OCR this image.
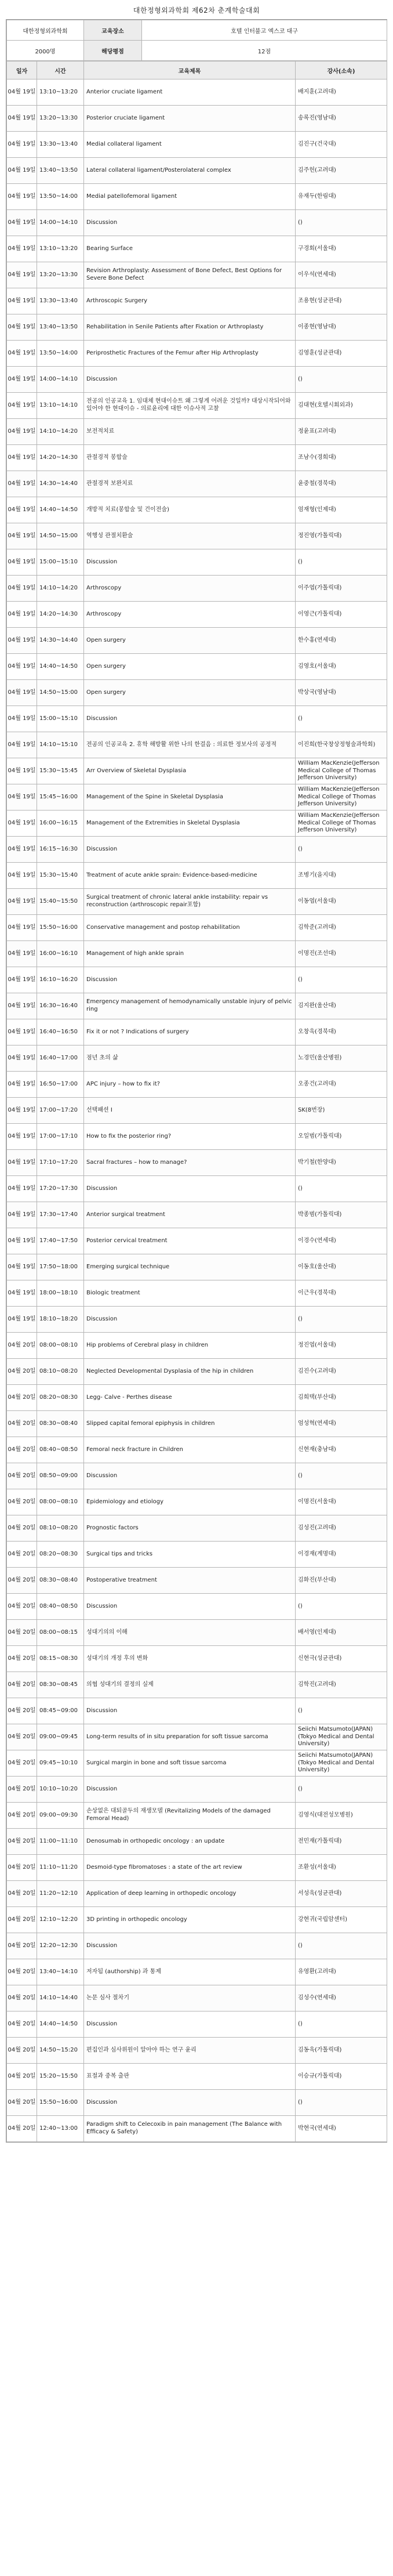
대한정형외과학회 제62차 춘계학술대회
대한정형외과학회	교육장소	호텔 인터불고 엑스코 대구
2000명	해당평점	12점
일자	시간	교육제목	강사(소속)
04월 19일	13:10~13:20	Anterior cruciate ligament	배지훈(고려대)
04월 19일	13:20~13:30	Posterior cruciate ligament	송록진(영남대)
04월 19일	13:30~13:40	Medial collateral ligament	김진구(건국대)
04월 19일	13:40~13:50	Lateral collateral ligament/Posterolateral complex	김주헌(고려대)
04월 19일	13:50~14:00	Medial patellofemoral ligament	유재두(한림대)
04월 19일	14:00~14:10	Discussion	()
04월 19일	13:10~13:20	Bearing Surface	구경회(서울대)
04월 19일	13:20~13:30	Revision Arthroplasty: Assessment of Bone Defect, Best Options for Severe Bone Defect	이우석(연세대)
04월 19일	13:30~13:40	Arthroscopic Surgery	조용현(성균관대)
04월 19일	13:40~13:50	Rehabilitation in Senile Patients after Fixation or Arthroplasty	이종현(영남대)
04월 19일	13:50~14:00	Periprosthetic Fractures of the Femur after Hip Arthroplasty	김영훈(성균관대)
04월 19일	14:00~14:10	Discussion	()
04월 19일	13:10~14:10	전공의 인공교육 1. 임대체 현대이슈트 왜 그렇게 어려운 것일까? 대상시작되어와 있어야 한 현대이슈 - 의료윤리에 대한 이슈사적 고찰	김대현(호텔시회외과)
04월 19일	14:10~14:20	보전적치료	정윤표(고려대)
04월 19일	14:20~14:30	관절경적 봉합술	조남수(경희대)
04월 19일	14:30~14:40	관절경적 보완치료	윤중철(경북대)
04월 19일	14:40~14:50	개방적 치료(봉합술 및 건이전술)	엄재형(인제대)
04월 19일	14:50~15:00	역행성 관절치환술	정진영(가톨릭대)
04월 19일	15:00~15:10	Discussion	()
04월 19일	14:10~14:20	Arthroscopy	이주엽(가톨릭대)
04월 19일	14:20~14:30	Arthroscopy	이영근(가톨릭대)
04월 19일	14:30~14:40	Open surgery	한수홍(연세대)
04월 19일	14:40~14:50	Open surgery	김영호(서울대)
04월 19일	14:50~15:00	Open surgery	박상국(영남대)
04월 19일	15:00~15:10	Discussion	()
04월 19일	14:10~15:10	전공의 인공교육 2. 휴학 해방활 위한 나의 한걸음 : 의료한 정보사의 공정적	이진희(한국창상정형술과학회)
04월 19일	15:30~15:45	Arr Overview of Skeletal Dysplasia	William MacKenzie(Jefferson Medical College of Thomas Jefferson University)
04월 19일	15:45~16:00	Management of the Spine in Skeletal Dysplasia	William MacKenzie(Jefferson Medical College of Thomas Jefferson University)
04월 19일	16:00~16:15	Management of the Extremities in Skeletal Dysplasia	William MacKenzie(Jefferson Medical College of Thomas Jefferson University)
04월 19일	16:15~16:30	Discussion	()
04월 19일	15:30~15:40	Treatment of acute ankle sprain: Evidence-based-medicine	조병기(을지대)
04월 19일	15:40~15:50	Surgical treatment of chronic lateral ankle instability: repair vs reconstruction (arthroscopic repair포함)	이동엽(서울대)
04월 19일	15:50~16:00	Conservative management and postop rehabilitation	김학준(고려대)
04월 19일	16:00~16:10	Management of high ankle sprain	이명진(조선대)
04월 19일	16:10~16:20	Discussion	()
04월 19일	16:30~16:40	Emergency management of hemodynamically unstable injury of pelvic ring	김지완(울산대)
04월 19일	16:40~16:50	Fix it or not ? Indications of surgery	오창욱(경북대)
04월 19일	16:40~17:00	점년 초의 삶	노경민(울산병원)
04월 19일	16:50~17:00	APC injury – how to fix it?	오종건(고려대)
04월 19일	17:00~17:20	선택패션 I	SK(8번장)
04월 19일	17:00~17:10	How to fix the posterior ring?	오일범(가톨릭대)
04월 19일	17:10~17:20	Sacral fractures – how to manage?	박기철(한양대)
04월 19일	17:20~17:30	Discussion	()
04월 19일	17:30~17:40	Anterior surgical treatment	박종범(가톨릭대)
04월 19일	17:40~17:50	Posterior cervical treatment	이경수(연세대)
04월 19일	17:50~18:00	Emerging surgical technique	이동호(울산대)
04월 19일	18:00~18:10	Biologic treatment	이근우(경북대)
04월 19일	18:10~18:20	Discussion	()
04월 20일	08:00~08:10	Hip problems of Cerebral plasy in children	정진엽(서울대)
04월 20일	08:10~08:20	Neglected Developmental Dysplasia of the hip in children	김진수(고려대)
04월 20일	08:20~08:30	Legg- Calve - Perthes disease	김희택(부산대)
04월 20일	08:30~08:40	Slipped capital femoral epiphysis in children	엄성혁(연세대)
04월 20일	08:40~08:50	Femoral neck fracture in Children	신현재(충남대)
04월 20일	08:50~09:00	Discussion	()
04월 20일	08:00~08:10	Epidemiology and etiology	이명진(서울대)
04월 20일	08:10~08:20	Prognostic factors	김성진(고려대)
04월 20일	08:20~08:30	Surgical tips and tricks	이경재(계명대)
04월 20일	08:30~08:40	Postoperative treatment	김화진(부산대)
04월 20일	08:40~08:50	Discussion	()
04월 20일	08:00~08:15	성대기의의 이해	배서영(인제대)
04월 20일	08:15~08:30	성대기의 개정 후의 변화	신현극(성균관대)
04월 20일	08:30~08:45	의협 성대기의 결정의 실제	김학진(고려대)
04월 20일	08:45~09:00	Discussion	()
04월 20일	09:00~09:45	Long-term results of in situ preparation for soft tissue sarcoma	Seiichi Matsumoto(JAPAN)(Tokyo Medical and Dental University)
04월 20일	09:45~10:10	Surgical margin in bone and soft tissue sarcoma	Seiichi Matsumoto(JAPAN)(Tokyo Medical and Dental University)
04월 20일	10:10~10:20	Discussion	()
04월 20일	09:00~09:30	손상없은 대퇴골두의 재생모델 (Revitalizing Models of the damaged Femoral Head)	김영식(대전성모병원)
04월 20일	11:00~11:10	Denosumab in orthopedic oncology : an update	전민재(가톨릭대)
04월 20일	11:10~11:20	Desmoid-type fibromatoses : a state of the art review	조환성(서울대)
04월 20일	11:20~12:10	Application of deep learning in orthopedic oncology	서성욱(성균관대)
04월 20일	12:10~12:20	3D printing in orthopedic oncology	강현귀(국립암센터)
04월 20일	12:20~12:30	Discussion	()
04월 20일	13:40~14:10	저자됨 (authorship) 과 통제	유영환(고려대)
04월 20일	14:10~14:40	논문 심사 절차기	김성수(연세대)
04월 20일	14:40~14:50	Discussion	()
04월 20일	14:50~15:20	편집인과 심사위원이 알아야 하는 연구 윤리	김동욱(가톨릭대)
04월 20일	15:20~15:50	표절과 중복 출판	이승규(가톨릭대)
04월 20일	15:50~16:00	Discussion	()
04월 20일	12:40~13:00	Paradigm shift to Celecoxib in pain management (The Balance with Efficacy & Safety)	박현국(연세대)
